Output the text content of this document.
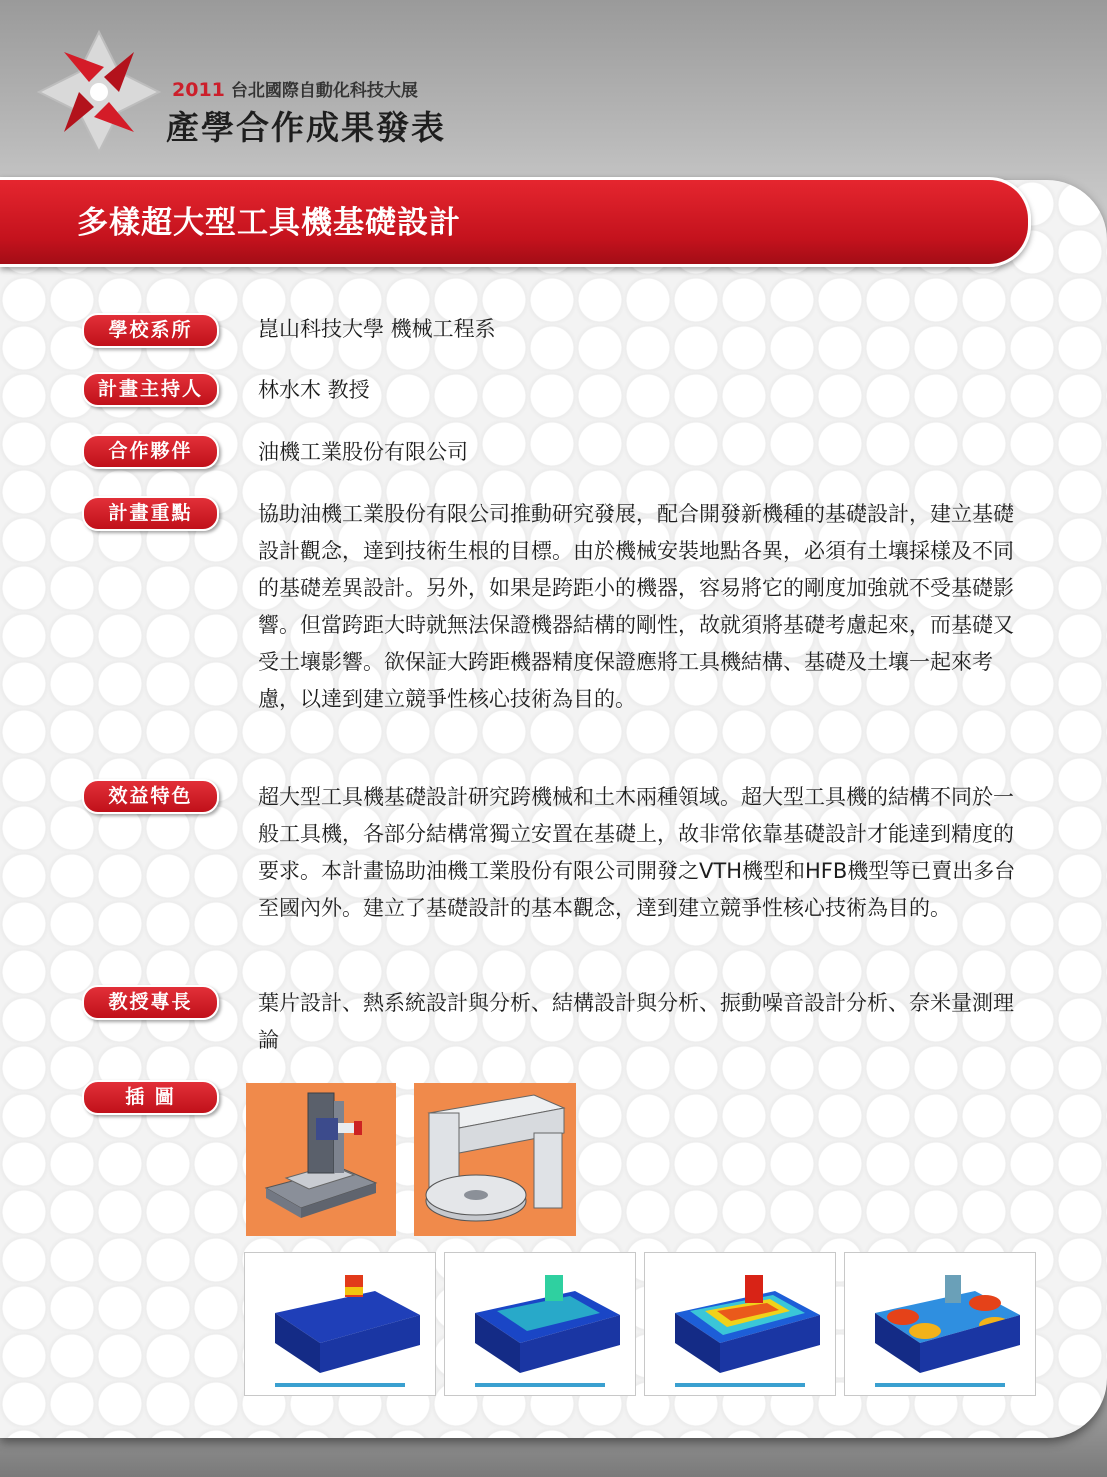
2011 台北國際自動化科技大展
產學合作成果發表
多樣超大型工具機基礎設計
學校系所	崑山科技大學 機械工程系
計畫主持人	林水木 教授
合作夥伴	油機工業股份有限公司
計畫重點	協助油機工業股份有限公司推動研究發展，配合開發新機種的基礎設計，建立基礎設計觀念，達到技術生根的目標。由於機械安裝地點各異，必須有土壤採樣及不同的基礎差異設計。另外，如果是跨距小的機器，容易將它的剛度加強就不受基礎影響。但當跨距大時就無法保證機器結構的剛性，故就須將基礎考慮起來，而基礎又受土壤影響。欲保証大跨距機器精度保證應將工具機結構、基礎及土壤一起來考慮，以達到建立競爭性核心技術為目的。
效益特色	超大型工具機基礎設計研究跨機械和土木兩種領域。超大型工具機的結構不同於一般工具機，各部分結構常獨立安置在基礎上，故非常依靠基礎設計才能達到精度的要求。本計畫協助油機工業股份有限公司開發之VTH機型和HFB機型等已賣出多台至國內外。建立了基礎設計的基本觀念，達到建立競爭性核心技術為目的。
教授專長	葉片設計、熱系統設計與分析、結構設計與分析、振動噪音設計分析、奈米量測理論
插 圖
